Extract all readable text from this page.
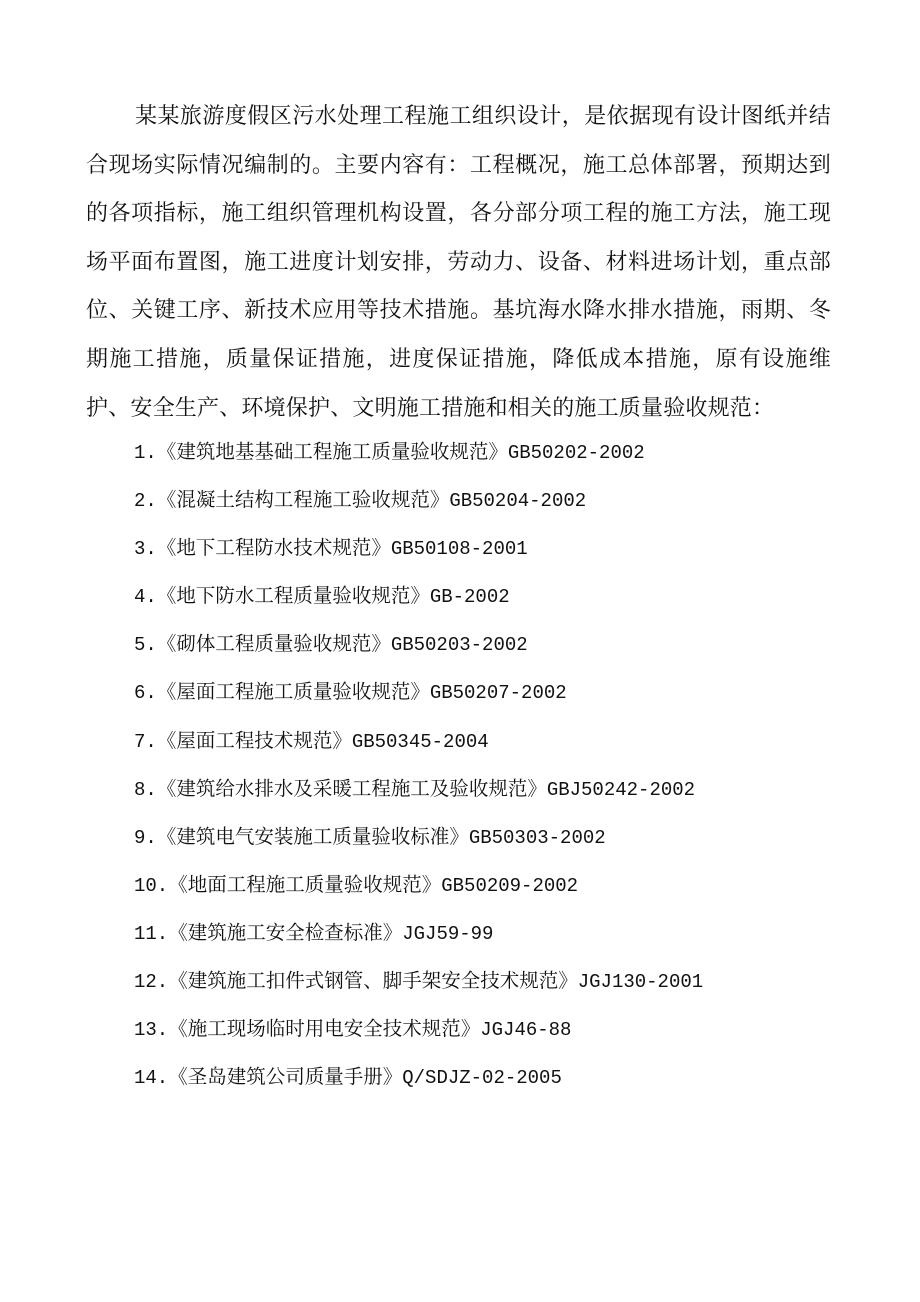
某某旅游度假区污水处理工程施工组织设计，是依据现有设计图纸并结合现场实际情况编制的。主要内容有：工程概况，施工总体部署，预期达到的各项指标，施工组织管理机构设置，各分部分项工程的施工方法，施工现场平面布置图，施工进度计划安排，劳动力、设备、材料进场计划，重点部位、关键工序、新技术应用等技术措施。基坑海水降水排水措施，雨期、冬期施工措施，质量保证措施，进度保证措施，降低成本措施，原有设施维护、安全生产、环境保护、文明施工措施和相关的施工质量验收规范：

1.《建筑地基基础工程施工质量验收规范》GB50202-2002
2.《混凝土结构工程施工验收规范》GB50204-2002
3.《地下工程防水技术规范》GB50108-2001
4.《地下防水工程质量验收规范》GB-2002
5.《砌体工程质量验收规范》GB50203-2002
6.《屋面工程施工质量验收规范》GB50207-2002
7.《屋面工程技术规范》GB50345-2004
8.《建筑给水排水及采暖工程施工及验收规范》GBJ50242-2002
9.《建筑电气安装施工质量验收标准》GB50303-2002
10.《地面工程施工质量验收规范》GB50209-2002
11.《建筑施工安全检查标准》JGJ59-99
12.《建筑施工扣件式钢管、脚手架安全技术规范》JGJ130-2001
13.《施工现场临时用电安全技术规范》JGJ46-88
14.《圣岛建筑公司质量手册》Q/SDJZ-02-2005
